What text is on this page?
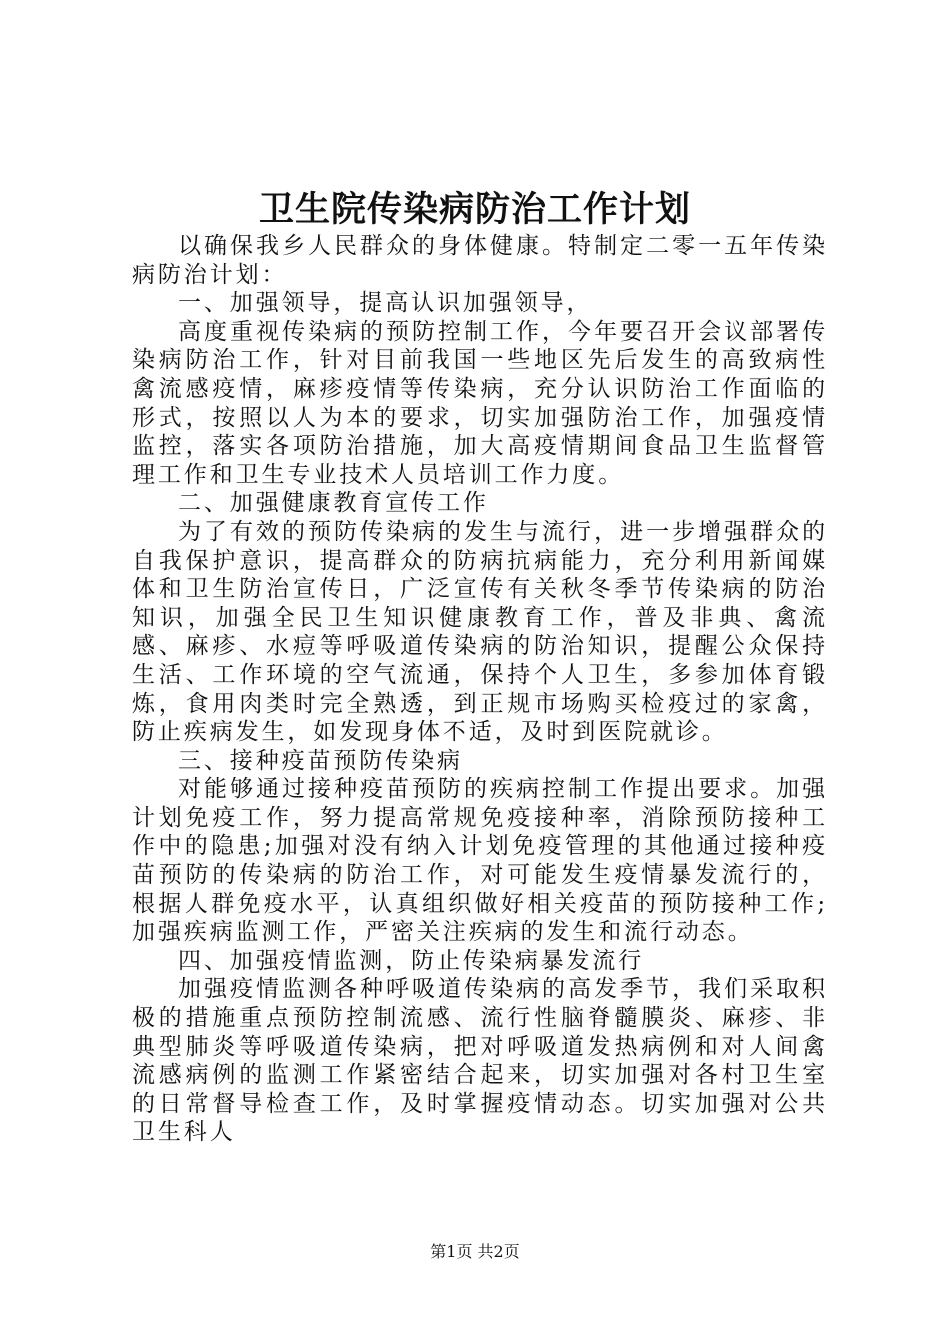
卫生院传染病防治工作计划

以确保我乡人民群众的身体健康。特制定二零一五年传染病防治计划：

一、加强领导，提高认识加强领导，

高度重视传染病的预防控制工作，今年要召开会议部署传染病防治工作，针对目前我国一些地区先后发生的高致病性禽流感疫情，麻疹疫情等传染病，充分认识防治工作面临的形式，按照以人为本的要求，切实加强防治工作，加强疫情监控，落实各项防治措施，加大高疫情期间食品卫生监督管理工作和卫生专业技术人员培训工作力度。

二、加强健康教育宣传工作

为了有效的预防传染病的发生与流行，进一步增强群众的自我保护意识，提高群众的防病抗病能力，充分利用新闻媒体和卫生防治宣传日，广泛宣传有关秋冬季节传染病的防治知识，加强全民卫生知识健康教育工作，普及非典、禽流感、麻疹、水痘等呼吸道传染病的防治知识，提醒公众保持生活、工作环境的空气流通，保持个人卫生，多参加体育锻炼，食用肉类时完全熟透，到正规市场购买检疫过的家禽，防止疾病发生，如发现身体不适，及时到医院就诊。

三、接种疫苗预防传染病

对能够通过接种疫苗预防的疾病控制工作提出要求。加强计划免疫工作，努力提高常规免疫接种率，消除预防接种工作中的隐患;加强对没有纳入计划免疫管理的其他通过接种疫苗预防的传染病的防治工作，对可能发生疫情暴发流行的，根据人群免疫水平，认真组织做好相关疫苗的预防接种工作;加强疾病监测工作，严密关注疾病的发生和流行动态。

四、加强疫情监测，防止传染病暴发流行

加强疫情监测各种呼吸道传染病的高发季节，我们采取积极的措施重点预防控制流感、流行性脑脊髓膜炎、麻疹、非典型肺炎等呼吸道传染病，把对呼吸道发热病例和对人间禽流感病例的监测工作紧密结合起来，切实加强对各村卫生室的日常督导检查工作，及时掌握疫情动态。切实加强对公共卫生科人

第1页 共2页
